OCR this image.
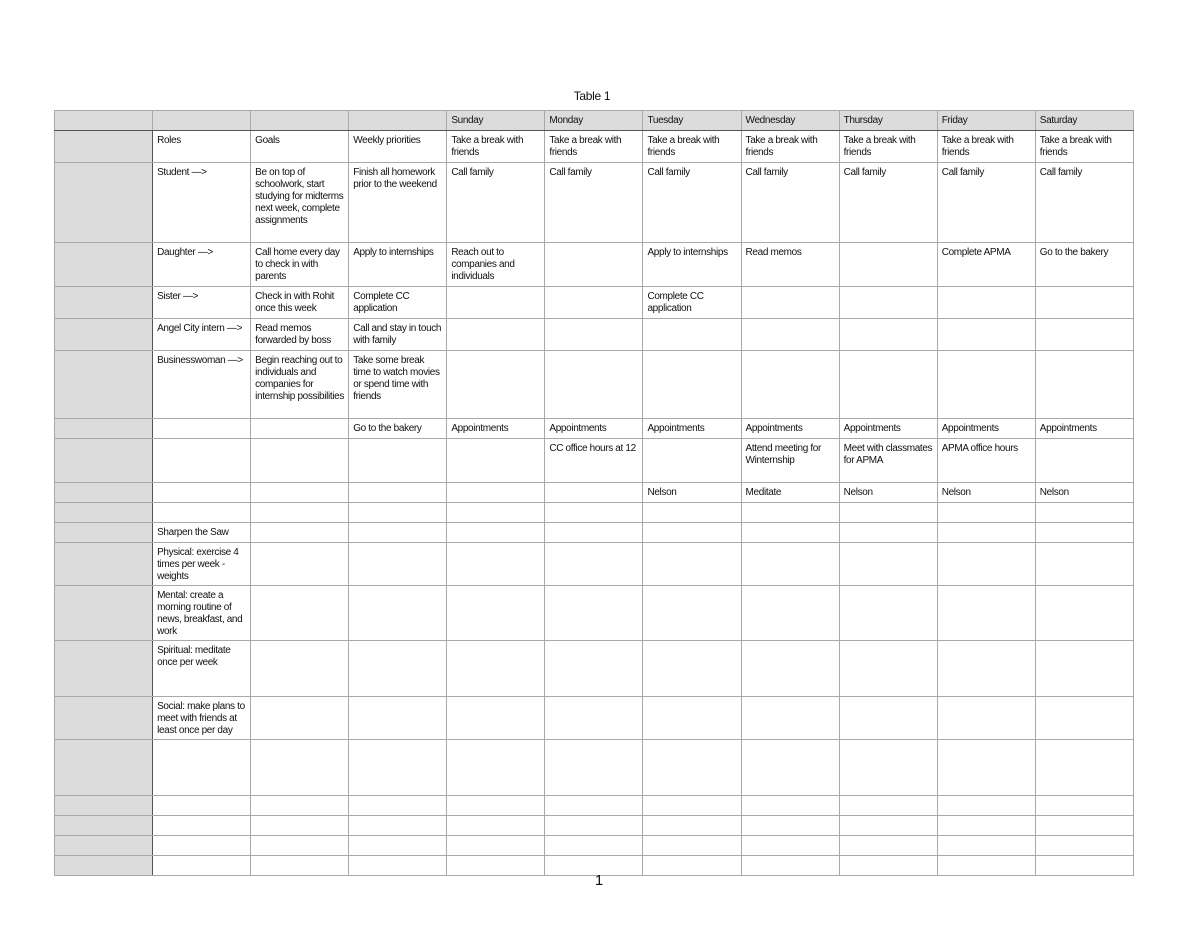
Table 1
				Sunday	Monday	Tuesday	Wednesday	Thursday	Friday	Saturday
	Roles	Goals	Weekly priorities	Take a break with friends	Take a break with friends	Take a break with friends	Take a break with friends	Take a break with friends	Take a break with friends	Take a break with friends
	Student —>	Be on top of schoolwork, start studying for midterms next week, complete assignments	Finish all homework prior to the weekend	Call family	Call family	Call family	Call family	Call family	Call family	Call family
	Daughter —>	Call home every day to check in with parents	Apply to internships	Reach out to companies and individuals		Apply to internships	Read memos		Complete APMA	Go to the bakery
	Sister —>	Check in with Rohit once this week	Complete CC application			Complete CC application				
	Angel City intern —>	Read memos forwarded by boss	Call and stay in touch with family							
	Businesswoman —>	Begin reaching out to individuals and companies for internship possibilities	Take some break time to watch movies or spend time with friends							
			Go to the bakery	Appointments	Appointments	Appointments	Appointments	Appointments	Appointments	Appointments
					CC office hours at 12		Attend meeting for Winternship	Meet with classmates for APMA	APMA office hours	
						Nelson	Meditate	Nelson	Nelson	Nelson

	Sharpen the Saw									
	Physical: exercise 4 times per week - weights									
	Mental: create a morning routine of news, breakfast, and work									
	Spiritual: meditate once per week									
	Social: make plans to meet with friends at least once per day									

1
